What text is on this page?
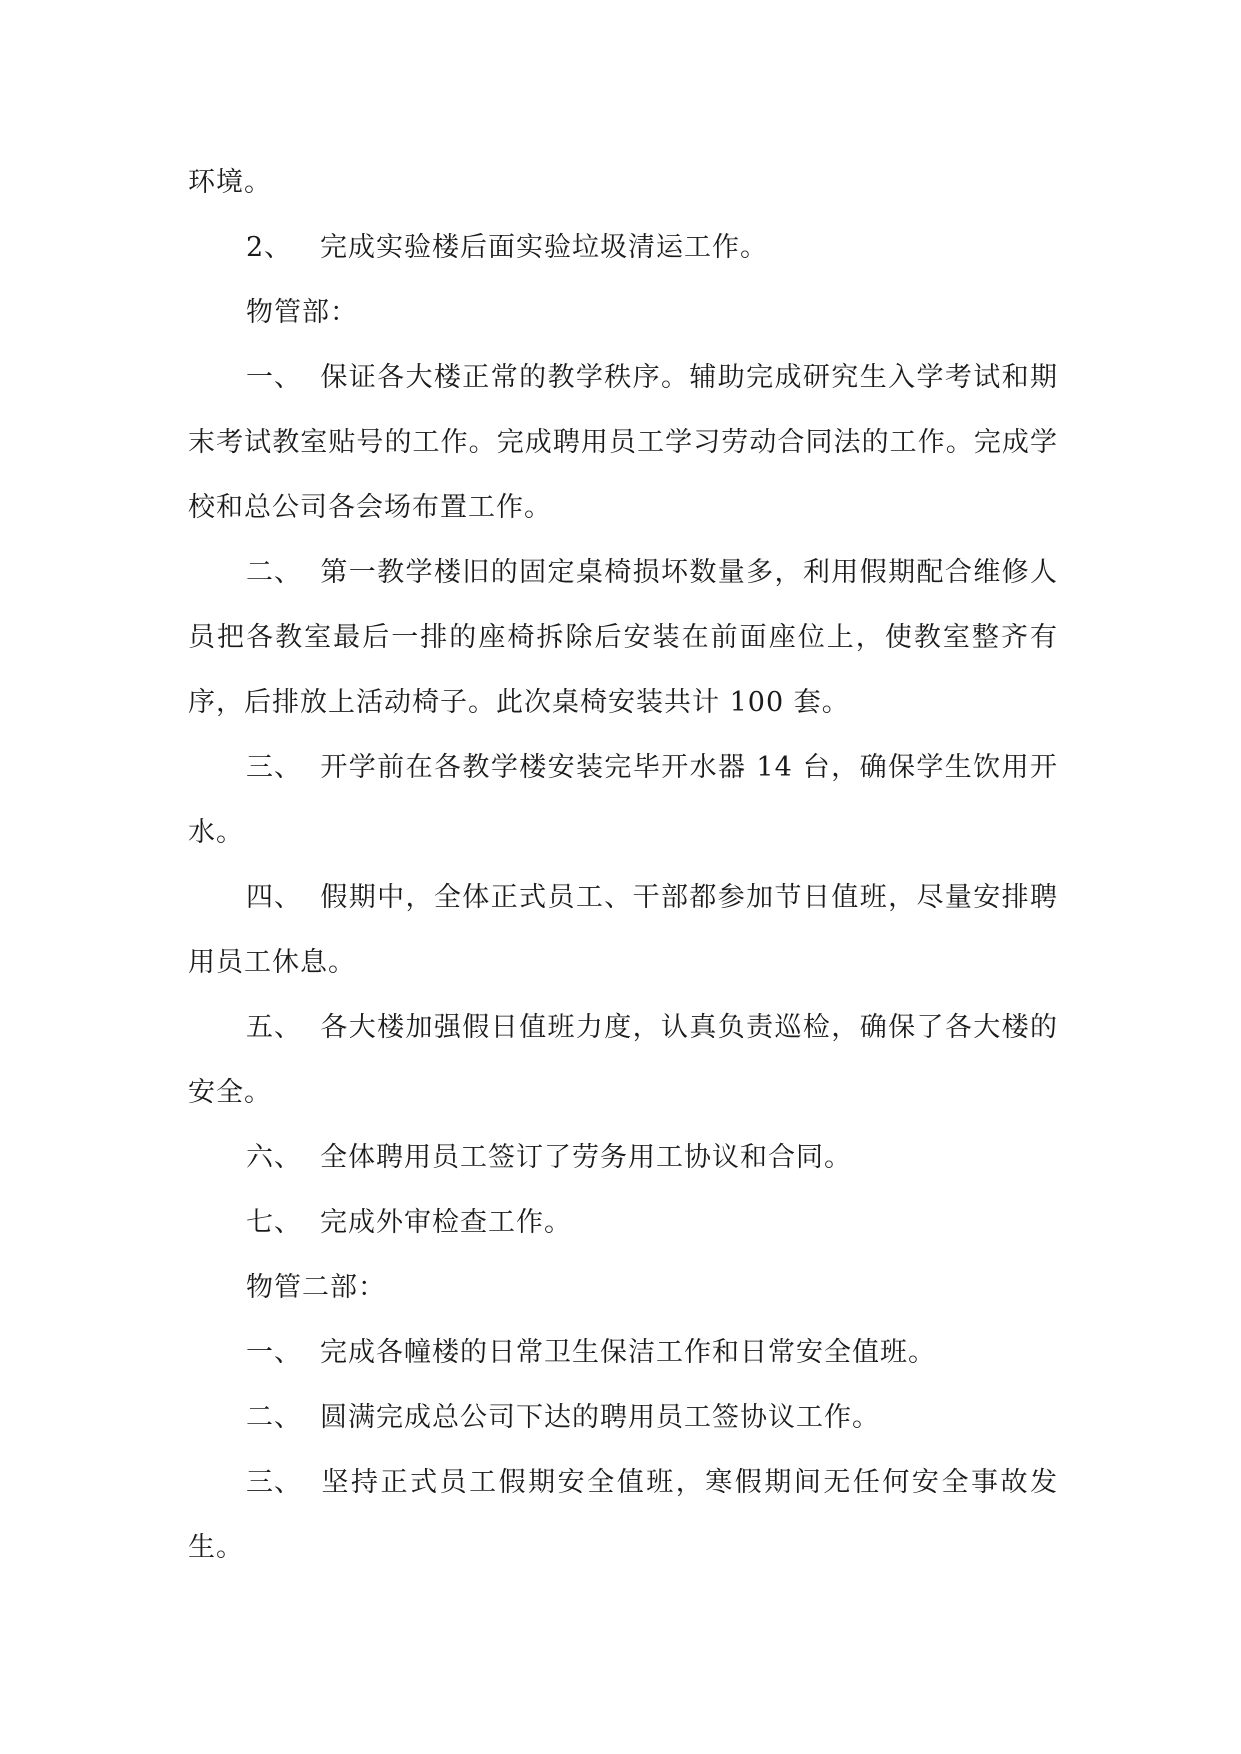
环境。

2、 完成实验楼后面实验垃圾清运工作。

物管部：

一、 保证各大楼正常的教学秩序。辅助完成研究生入学考试和期末考试教室贴号的工作。完成聘用员工学习劳动合同法的工作。完成学校和总公司各会场布置工作。

二、 第一教学楼旧的固定桌椅损坏数量多，利用假期配合维修人员把各教室最后一排的座椅拆除后安装在前面座位上，使教室整齐有序，后排放上活动椅子。此次桌椅安装共计 100 套。

三、 开学前在各教学楼安装完毕开水器 14 台，确保学生饮用开水。

四、 假期中，全体正式员工、干部都参加节日值班，尽量安排聘用员工休息。

五、 各大楼加强假日值班力度，认真负责巡检，确保了各大楼的安全。

六、 全体聘用员工签订了劳务用工协议和合同。

七、 完成外审检查工作。

物管二部：

一、 完成各幢楼的日常卫生保洁工作和日常安全值班。

二、 圆满完成总公司下达的聘用员工签协议工作。

三、 坚持正式员工假期安全值班，寒假期间无任何安全事故发生。
